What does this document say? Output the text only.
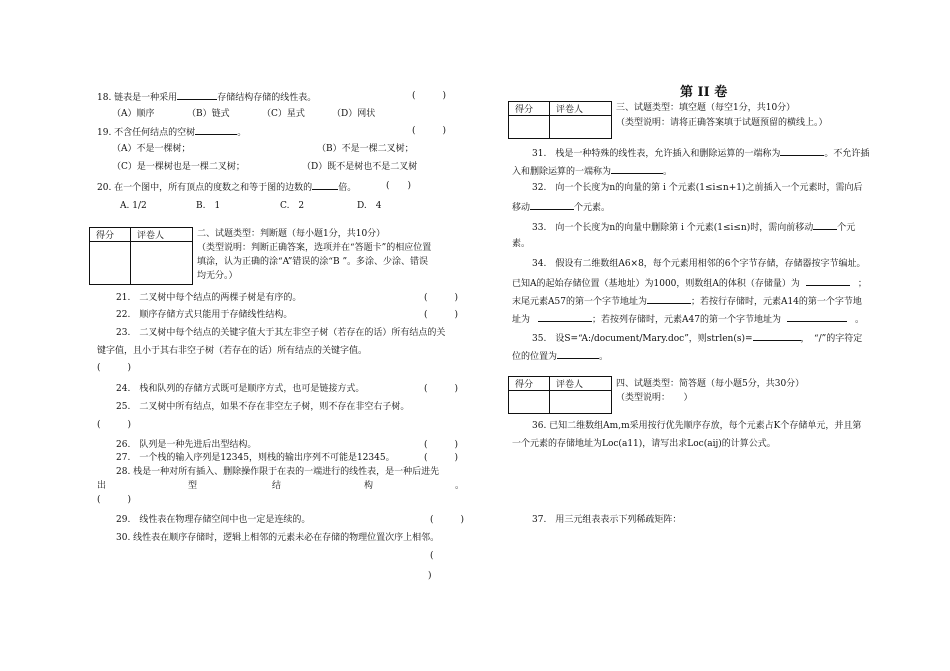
18. 链表是一种采用	存储结构存储的线性表。	(　　　)
（A）顺序	（B）链式	（C）星式	（D）网状
19. 不含任何结点的空树	。	(　　　)
（A）不是一棵树；	（B）不是一棵二叉树；
（C）是一棵树也是一棵二叉树；	（D）既不是树也不是二叉树
20. 在一个图中，所有顶点的度数之和等于图的边数的	倍。	(　　)
A. 1/2	B.　1	C.　2	D.　4
得分	评卷人
		二、试题类型：判断题（每小题1分，共10分）
（类型说明：判断正确答案，选项并在“答题卡”的相应位置
填涂，认为正确的涂“A”错误的涂“B ”。多涂、少涂、错误
均无分。）
21.　二叉树中每个结点的两棵子树是有序的。	(　　　)
22.　顺序存储方式只能用于存储线性结构。	(　　　)
23.　二叉树中每个结点的关键字值大于其左非空子树（若存在的话）所有结点的关
键字值，且小于其右非空子树（若存在的话）所有结点的关键字值。
(　　　)
24.　栈和队列的存储方式既可是顺序方式，也可是链接方式。	(　　　)
25.　二叉树中所有结点，如果不存在非空左子树，则不存在非空右子树。
(　　　)
26.　队列是一种先进后出型结构。	(　　　)
27.　一个栈的输入序列是12345，则栈的输出序列不可能是12345。	(　　　)
28. 栈是一种对所有插入、删除操作限于在表的一端进行的线性表，是一种后进先
出	型	结	构	。
(　　　)
29.　线性表在物理存储空间中也一定是连续的。	(　　　)
30. 线性表在顺序存储时，逻辑上相邻的元素未必在存储的物理位置次序上相邻。
(
)
第 II 卷
得分	评卷人
		三、试题类型：填空题（每空1分，共10分）
（类型说明：请将正确答案填于试题预留的横线上。）
31.　栈是一种特殊的线性表，允许插入和删除运算的一端称为	。不允许插
入和删除运算的一端称为	。
32.　向一个长度为n的向量的第 i 个元素(1≤i≤n+1)之前插入一个元素时，需向后
移动	个元素。
33.　向一个长度为n的向量中删除第 i 个元素(1≤i≤n)时，需向前移动	个元
素。
34.　假设有二维数组A6×8，每个元素用相邻的6个字节存储，存储器按字节编址。
已知A的起始存储位置（基地址）为1000，则数组A的体积（存储量）为	；
末尾元素A57的第一个字节地址为	；若按行存储时，元素A14的第一个字节地
址为	；若按列存储时，元素A47的第一个字节地址为	。
35.　设S=“A:/document/Mary.doc”，则strlen(s)=	，　“/”的字符定
位的位置为	。
得分	评卷人
		四、试题类型：简答题（每小题5分，共30分）
（类型说明：　　）
36. 已知二维数组Am,m采用按行优先顺序存放，每个元素占K个存储单元，并且第
一个元素的存储地址为Loc(a11)，请写出求Loc(aij)的计算公式。
37.　用三元组表表示下列稀疏矩阵：
